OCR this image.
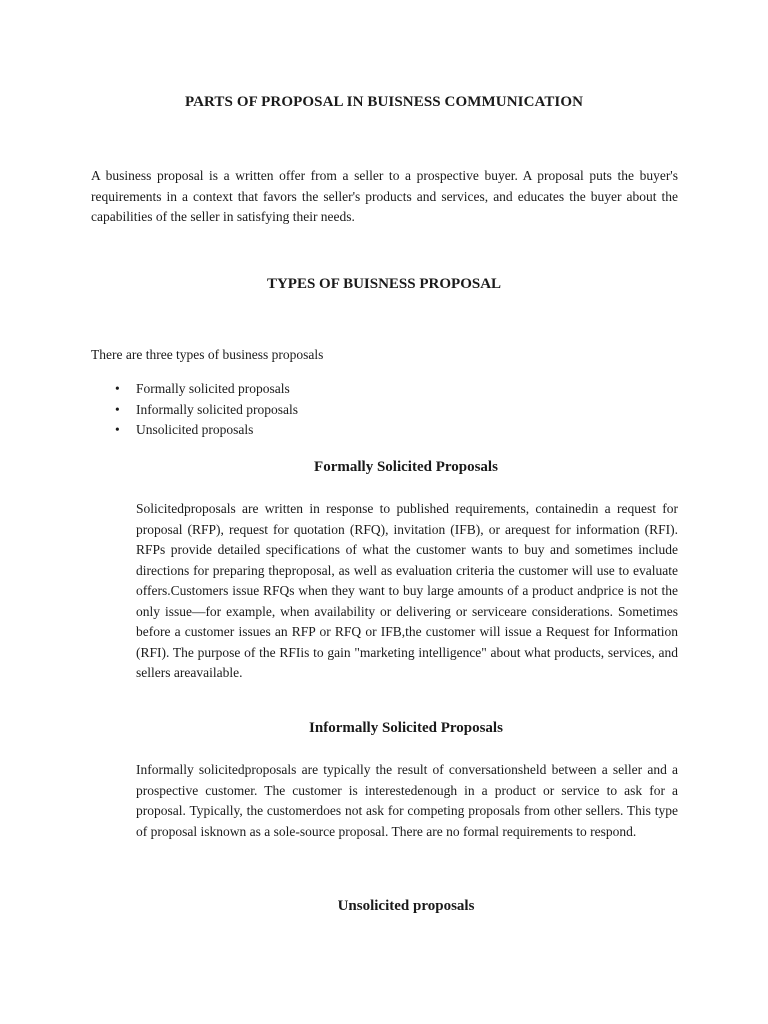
PARTS OF PROPOSAL IN BUISNESS COMMUNICATION
A business proposal is a written offer from a seller to a prospective buyer. A proposal puts the buyer's requirements in a context that favors the seller's products and services, and educates the buyer about the capabilities of the seller in satisfying their needs.
TYPES OF BUISNESS PROPOSAL
There are three types of business proposals
• Formally solicited proposals
• Informally solicited proposals
• Unsolicited proposals
Formally Solicited Proposals
Solicitedproposals are written in response to published requirements, containedin a request for proposal (RFP), request for quotation (RFQ), invitation (IFB), or arequest for information (RFI). RFPs provide detailed specifications of what the customer wants to buy and sometimes include directions for preparing theproposal, as well as evaluation criteria the customer will use to evaluate offers.Customers issue RFQs when they want to buy large amounts of a product andprice is not the only issue—for example, when availability or delivering or serviceare considerations. Sometimes before a customer issues an RFP or RFQ or IFB,the customer will issue a Request for Information (RFI). The purpose of the RFIis to gain "marketing intelligence" about what products, services, and sellers areavailable.
Informally Solicited Proposals
Informally solicitedproposals are typically the result of conversationsheld between a seller and a prospective customer. The customer is interestedenough in a product or service to ask for a proposal. Typically, the customerdoes not ask for competing proposals from other sellers. This type of proposal isknown as a sole-source proposal. There are no formal requirements to respond.
Unsolicited proposals
